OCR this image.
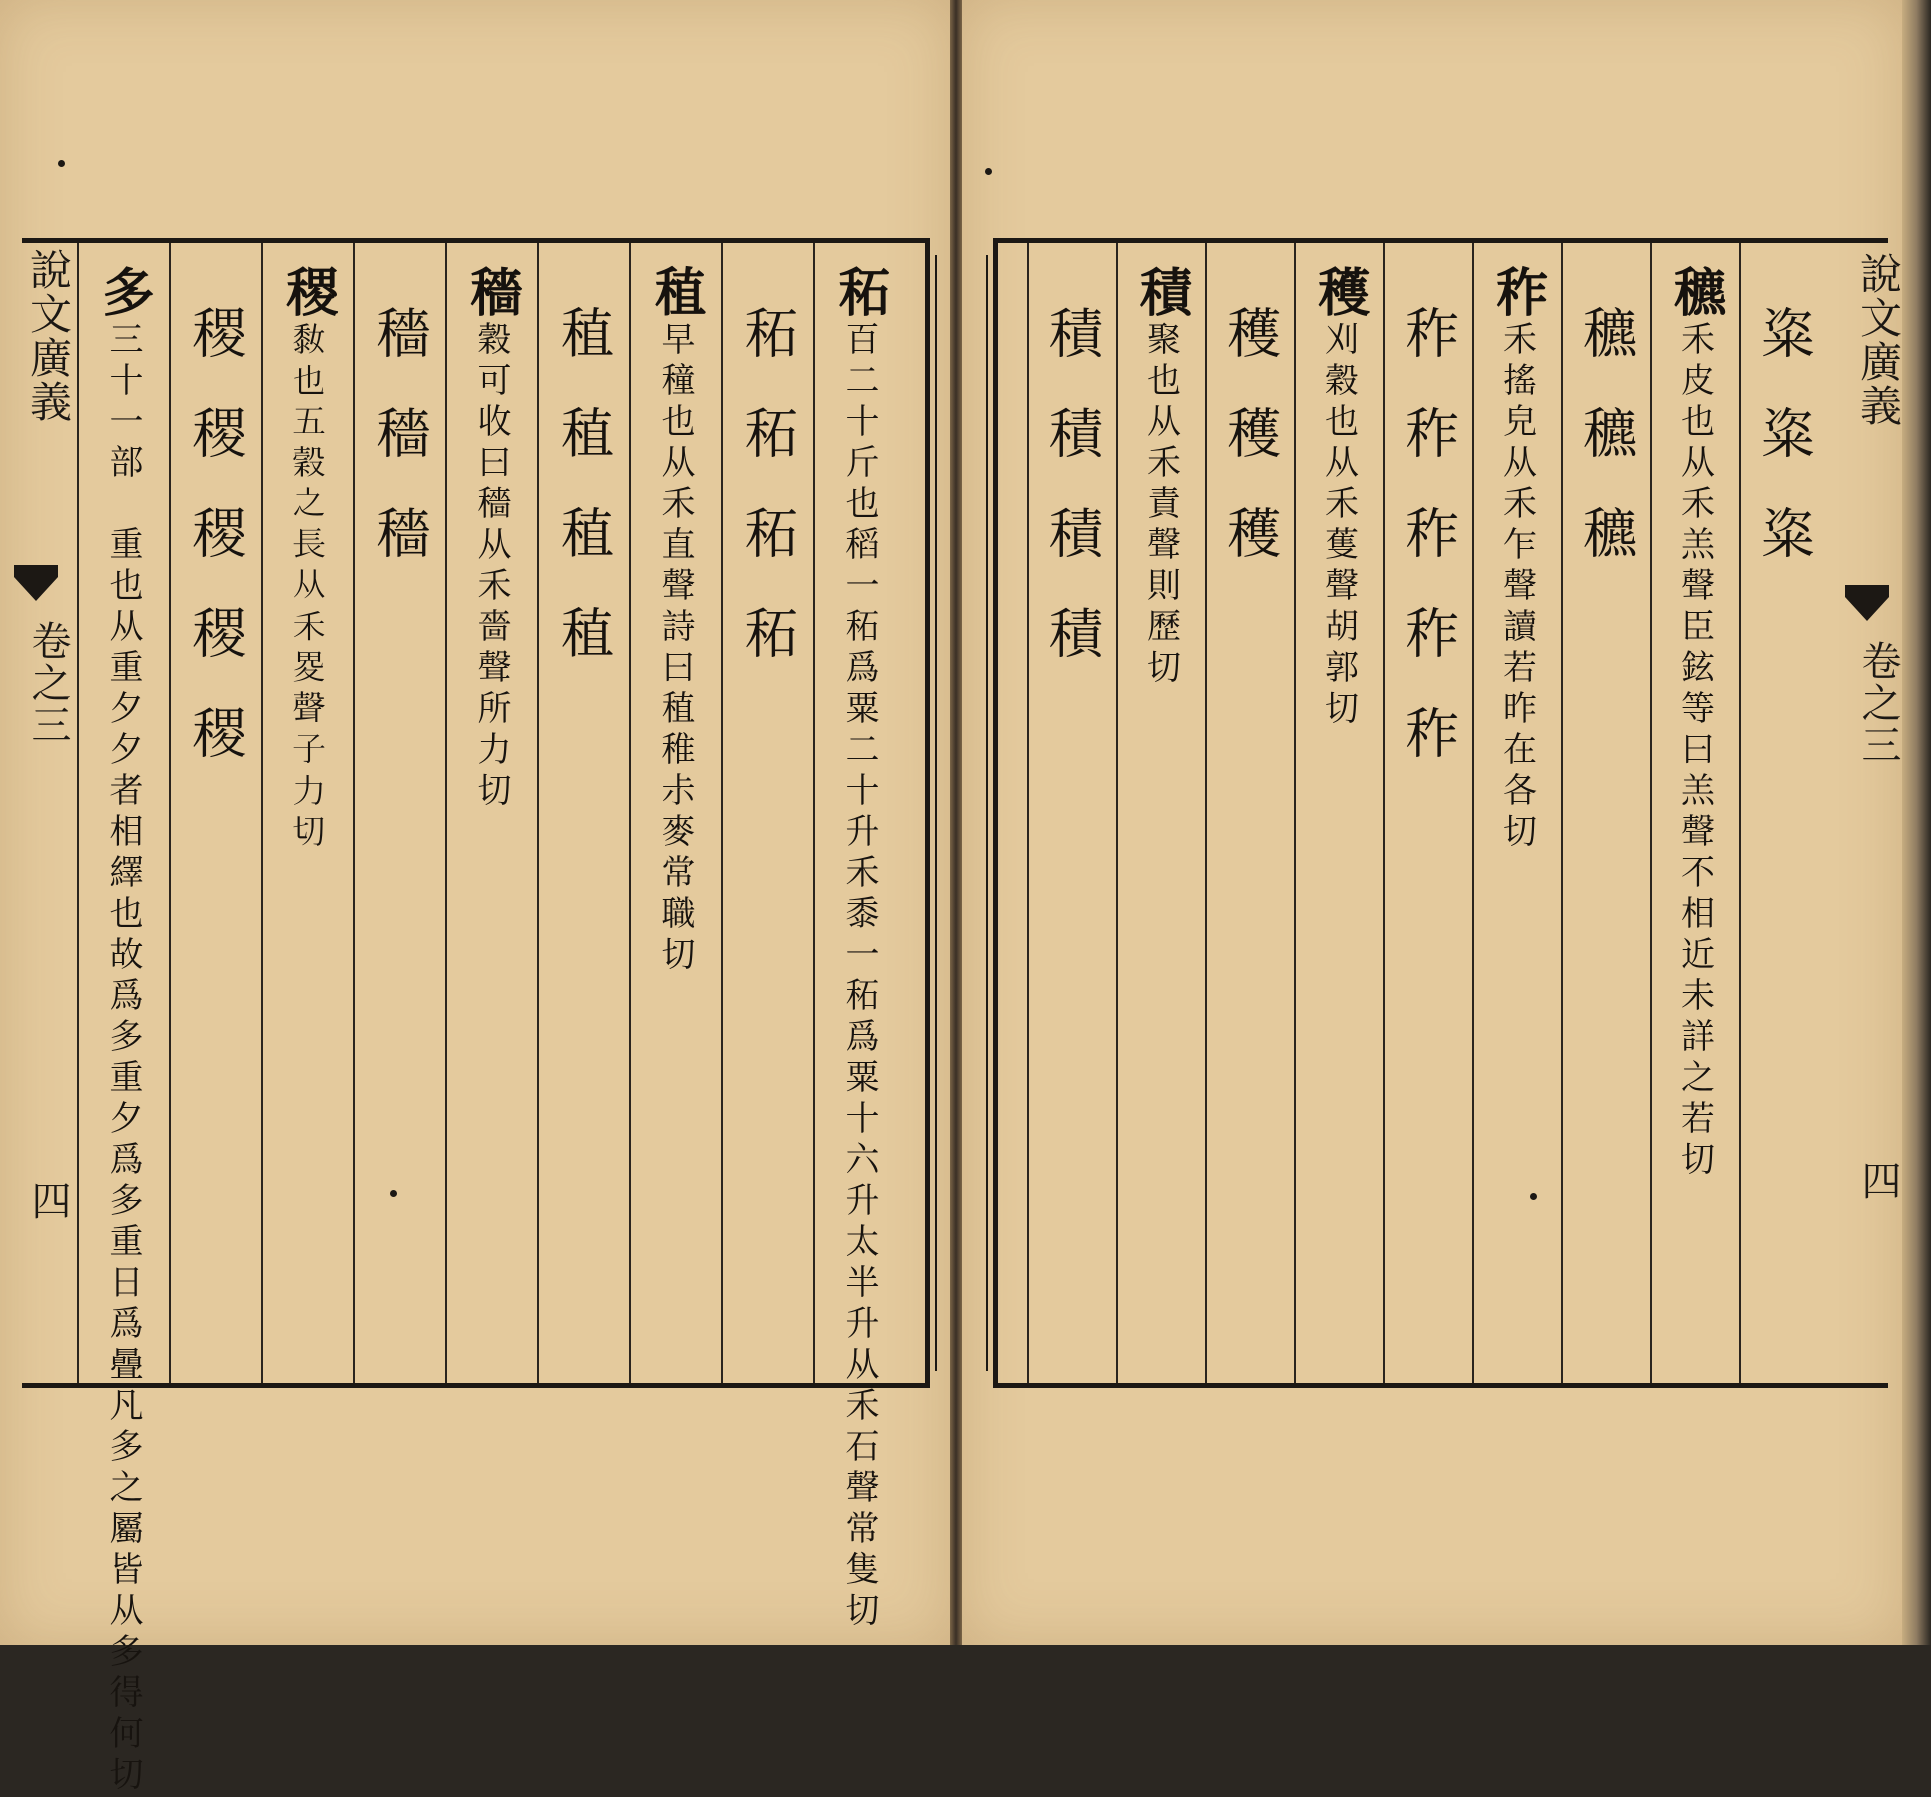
說文廣義
卷之三
四
䄷
百二十斤也稻一䄷爲粟二十升禾黍一䄷爲粟十六升太半升从禾石聲常隻切
䄷䄷䄷䄷
稙
早穜也从禾直聲詩曰稙稚尗麥常職切
稙稙稙稙
穡
穀可收曰穡从禾嗇聲所力切
穡穡穡
稷
𪏮也五穀之長从禾畟聲子力切
稷稷稷稷稷
多
三十一部　重也从重夕夕者相繹也故爲多重夕爲多重日爲曡凡多之屬皆从多得何切	粢粢粢
穮
禾皮也从禾羔聲臣鉉等曰羔聲不相近未詳之若切
穮穮穮
秨
禾搖皃从禾乍聲讀若昨在各切
秨秨秨秨秨
穫
刈穀也从禾蒦聲胡郭切
穫穫穫
積
聚也从禾責聲則歷切
積積積積	說文廣義
卷之三
四
